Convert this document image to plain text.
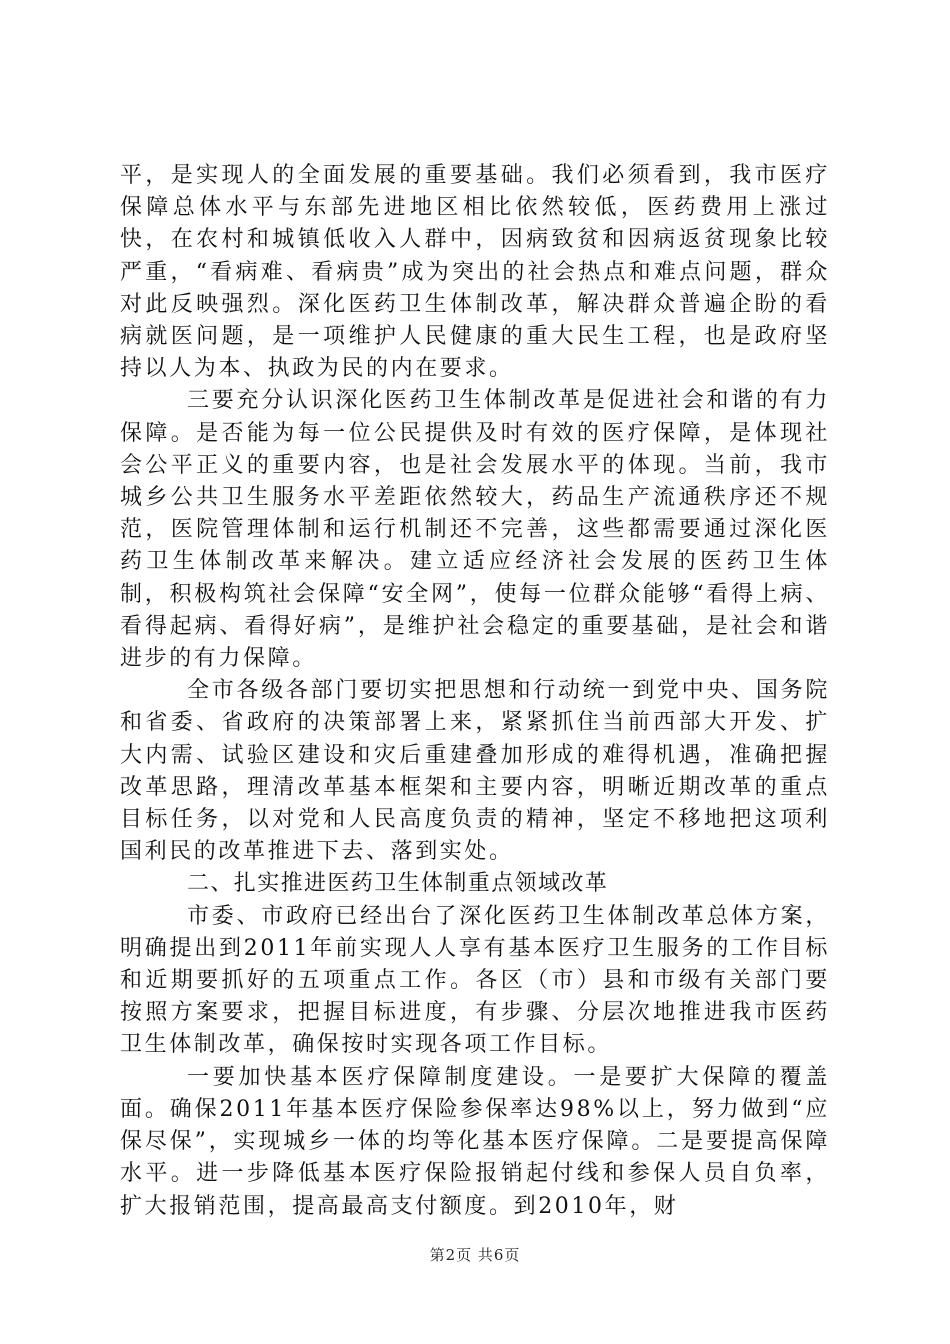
平，是实现人的全面发展的重要基础。我们必须看到，我市医疗保障总体水平与东部先进地区相比依然较低，医药费用上涨过快，在农村和城镇低收入人群中，因病致贫和因病返贫现象比较严重，“看病难、看病贵”成为突出的社会热点和难点问题，群众对此反映强烈。深化医药卫生体制改革，解决群众普遍企盼的看病就医问题，是一项维护人民健康的重大民生工程，也是政府坚持以人为本、执政为民的内在要求。

三要充分认识深化医药卫生体制改革是促进社会和谐的有力保障。是否能为每一位公民提供及时有效的医疗保障，是体现社会公平正义的重要内容，也是社会发展水平的体现。当前，我市城乡公共卫生服务水平差距依然较大，药品生产流通秩序还不规范，医院管理体制和运行机制还不完善，这些都需要通过深化医药卫生体制改革来解决。建立适应经济社会发展的医药卫生体制，积极构筑社会保障“安全网”，使每一位群众能够“看得上病、看得起病、看得好病”，是维护社会稳定的重要基础，是社会和谐进步的有力保障。

全市各级各部门要切实把思想和行动统一到党中央、国务院和省委、省政府的决策部署上来，紧紧抓住当前西部大开发、扩大内需、试验区建设和灾后重建叠加形成的难得机遇，准确把握改革思路，理清改革基本框架和主要内容，明晰近期改革的重点目标任务，以对党和人民高度负责的精神，坚定不移地把这项利国利民的改革推进下去、落到实处。

二、扎实推进医药卫生体制重点领域改革

市委、市政府已经出台了深化医药卫生体制改革总体方案，明确提出到2011年前实现人人享有基本医疗卫生服务的工作目标和近期要抓好的五项重点工作。各区（市）县和市级有关部门要按照方案要求，把握目标进度，有步骤、分层次地推进我市医药卫生体制改革，确保按时实现各项工作目标。

一要加快基本医疗保障制度建设。一是要扩大保障的覆盖面。确保2011年基本医疗保险参保率达98%以上，努力做到“应保尽保”，实现城乡一体的均等化基本医疗保障。二是要提高保障水平。进一步降低基本医疗保险报销起付线和参保人员自负率，扩大报销范围，提高最高支付额度。到2010年，财

第2页 共6页
